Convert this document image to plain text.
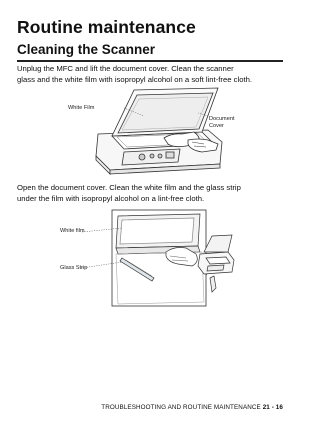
Routine maintenance
Cleaning the Scanner
Unplug the MFC and lift the document cover. Clean the scanner
glass and the white film with isopropyl alcohol on a soft lint-free cloth.
White Film
Document
Cover
Open the document cover. Clean the white film and the glass strip
under the film with isopropyl alcohol on a lint-free cloth.
White film
Glass Strip
TROUBLESHOOTING AND ROUTINE MAINTENANCE 21 - 16
